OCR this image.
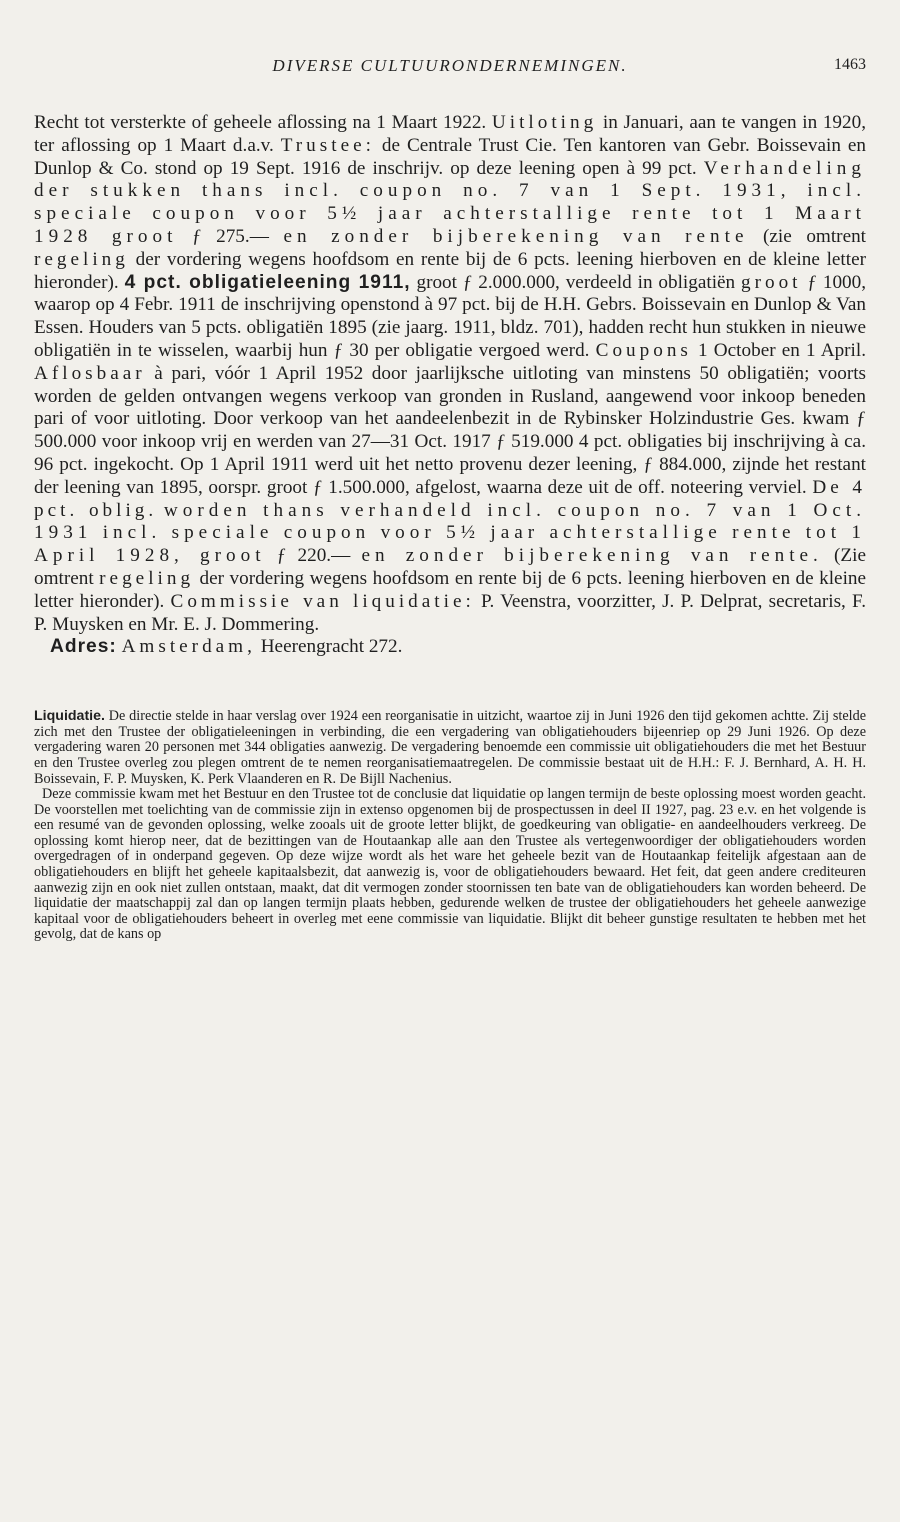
DIVERSE CULTUURONDERNEMINGEN.	1463

Recht tot versterkte of geheele aflossing na 1 Maart 1922. Uitloting in Januari, aan te vangen in 1920, ter aflossing op 1 Maart d.a.v. Trustee: de Centrale Trust Cie. Ten kantoren van Gebr. Boissevain en Dunlop & Co. stond op 19 Sept. 1916 de inschrijv. op deze leening open à 99 pct. Verhandeling der stukken thans incl. coupon no. 7 van 1 Sept. 1931, incl. speciale coupon voor 5½ jaar achterstallige rente tot 1 Maart 1928 groot ƒ 275.— en zonder bijberekening van rente (zie omtrent regeling der vordering wegens hoofdsom en rente bij de 6 pcts. leening hierboven en de kleine letter hieronder). 4 pct. obligatieleening 1911, groot ƒ 2.000.000, verdeeld in obligatiën groot ƒ 1000, waarop op 4 Febr. 1911 de inschrijving openstond à 97 pct. bij de H.H. Gebrs. Boissevain en Dunlop & Van Essen. Houders van 5 pcts. obligatiën 1895 (zie jaarg. 1911, bldz. 701), hadden recht hun stukken in nieuwe obligatiën in te wisselen, waarbij hun ƒ 30 per obligatie vergoed werd. Coupons 1 October en 1 April. Aflosbaar à pari, vóór 1 April 1952 door jaarlijksche uitloting van minstens 50 obligatiën; voorts worden de gelden ontvangen wegens verkoop van gronden in Rusland, aangewend voor inkoop beneden pari of voor uitloting. Door verkoop van het aandeelenbezit in de Rybinsker Holzindustrie Ges. kwam ƒ 500.000 voor inkoop vrij en werden van 27—31 Oct. 1917 ƒ 519.000 4 pct. obligaties bij inschrijving à ca. 96 pct. ingekocht. Op 1 April 1911 werd uit het netto provenu dezer leening, ƒ 884.000, zijnde het restant der leening van 1895, oorspr. groot ƒ 1.500.000, afgelost, waarna deze uit de off. noteering verviel. De 4 pct. oblig. worden thans verhandeld incl. coupon no. 7 van 1 Oct. 1931 incl. speciale coupon voor 5½ jaar achterstallige rente tot 1 April 1928, groot ƒ 220.— en zonder bijberekening van rente. (Zie omtrent regeling der vordering wegens hoofdsom en rente bij de 6 pcts. leening hierboven en de kleine letter hieronder). Commissie van liquidatie: P. Veenstra, voorzitter, J. P. Delprat, secretaris, F. P. Muysken en Mr. E. J. Dommering.

Adres: Amsterdam, Heerengracht 272.

Liquidatie. De directie stelde in haar verslag over 1924 een reorganisatie in uitzicht, waartoe zij in Juni 1926 den tijd gekomen achtte. Zij stelde zich met den Trustee der obligatieleeningen in verbinding, die een vergadering van obligatiehouders bijeenriep op 29 Juni 1926. Op deze vergadering waren 20 personen met 344 obligaties aanwezig. De vergadering benoemde een commissie uit obligatiehouders die met het Bestuur en den Trustee overleg zou plegen omtrent de te nemen reorganisatiemaatregelen. De commissie bestaat uit de H.H.: F. J. Bernhard, A. H. H. Boissevain, F. P. Muysken, K. Perk Vlaanderen en R. De Bijll Nachenius.

Deze commissie kwam met het Bestuur en den Trustee tot de conclusie dat liquidatie op langen termijn de beste oplossing moest worden geacht. De voorstellen met toelichting van de commissie zijn in extenso opgenomen bij de prospectussen in deel II 1927, pag. 23 e.v. en het volgende is een resumé van de gevonden oplossing, welke zooals uit de groote letter blijkt, de goedkeuring van obligatie- en aandeelhouders verkreeg. De oplossing komt hierop neer, dat de bezittingen van de Houtaankap alle aan den Trustee als vertegenwoordiger der obligatiehouders worden overgedragen of in onderpand gegeven. Op deze wijze wordt als het ware het geheele bezit van de Houtaankap feitelijk afgestaan aan de obligatiehouders en blijft het geheele kapitaalsbezit, dat aanwezig is, voor de obligatiehouders bewaard. Het feit, dat geen andere crediteuren aanwezig zijn en ook niet zullen ontstaan, maakt, dat dit vermogen zonder stoornissen ten bate van de obligatiehouders kan worden beheerd. De liquidatie der maatschappij zal dan op langen termijn plaats hebben, gedurende welken de trustee der obligatiehouders het geheele aanwezige kapitaal voor de obligatiehouders beheert in overleg met eene commissie van liquidatie. Blijkt dit beheer gunstige resultaten te hebben met het gevolg, dat de kans op
